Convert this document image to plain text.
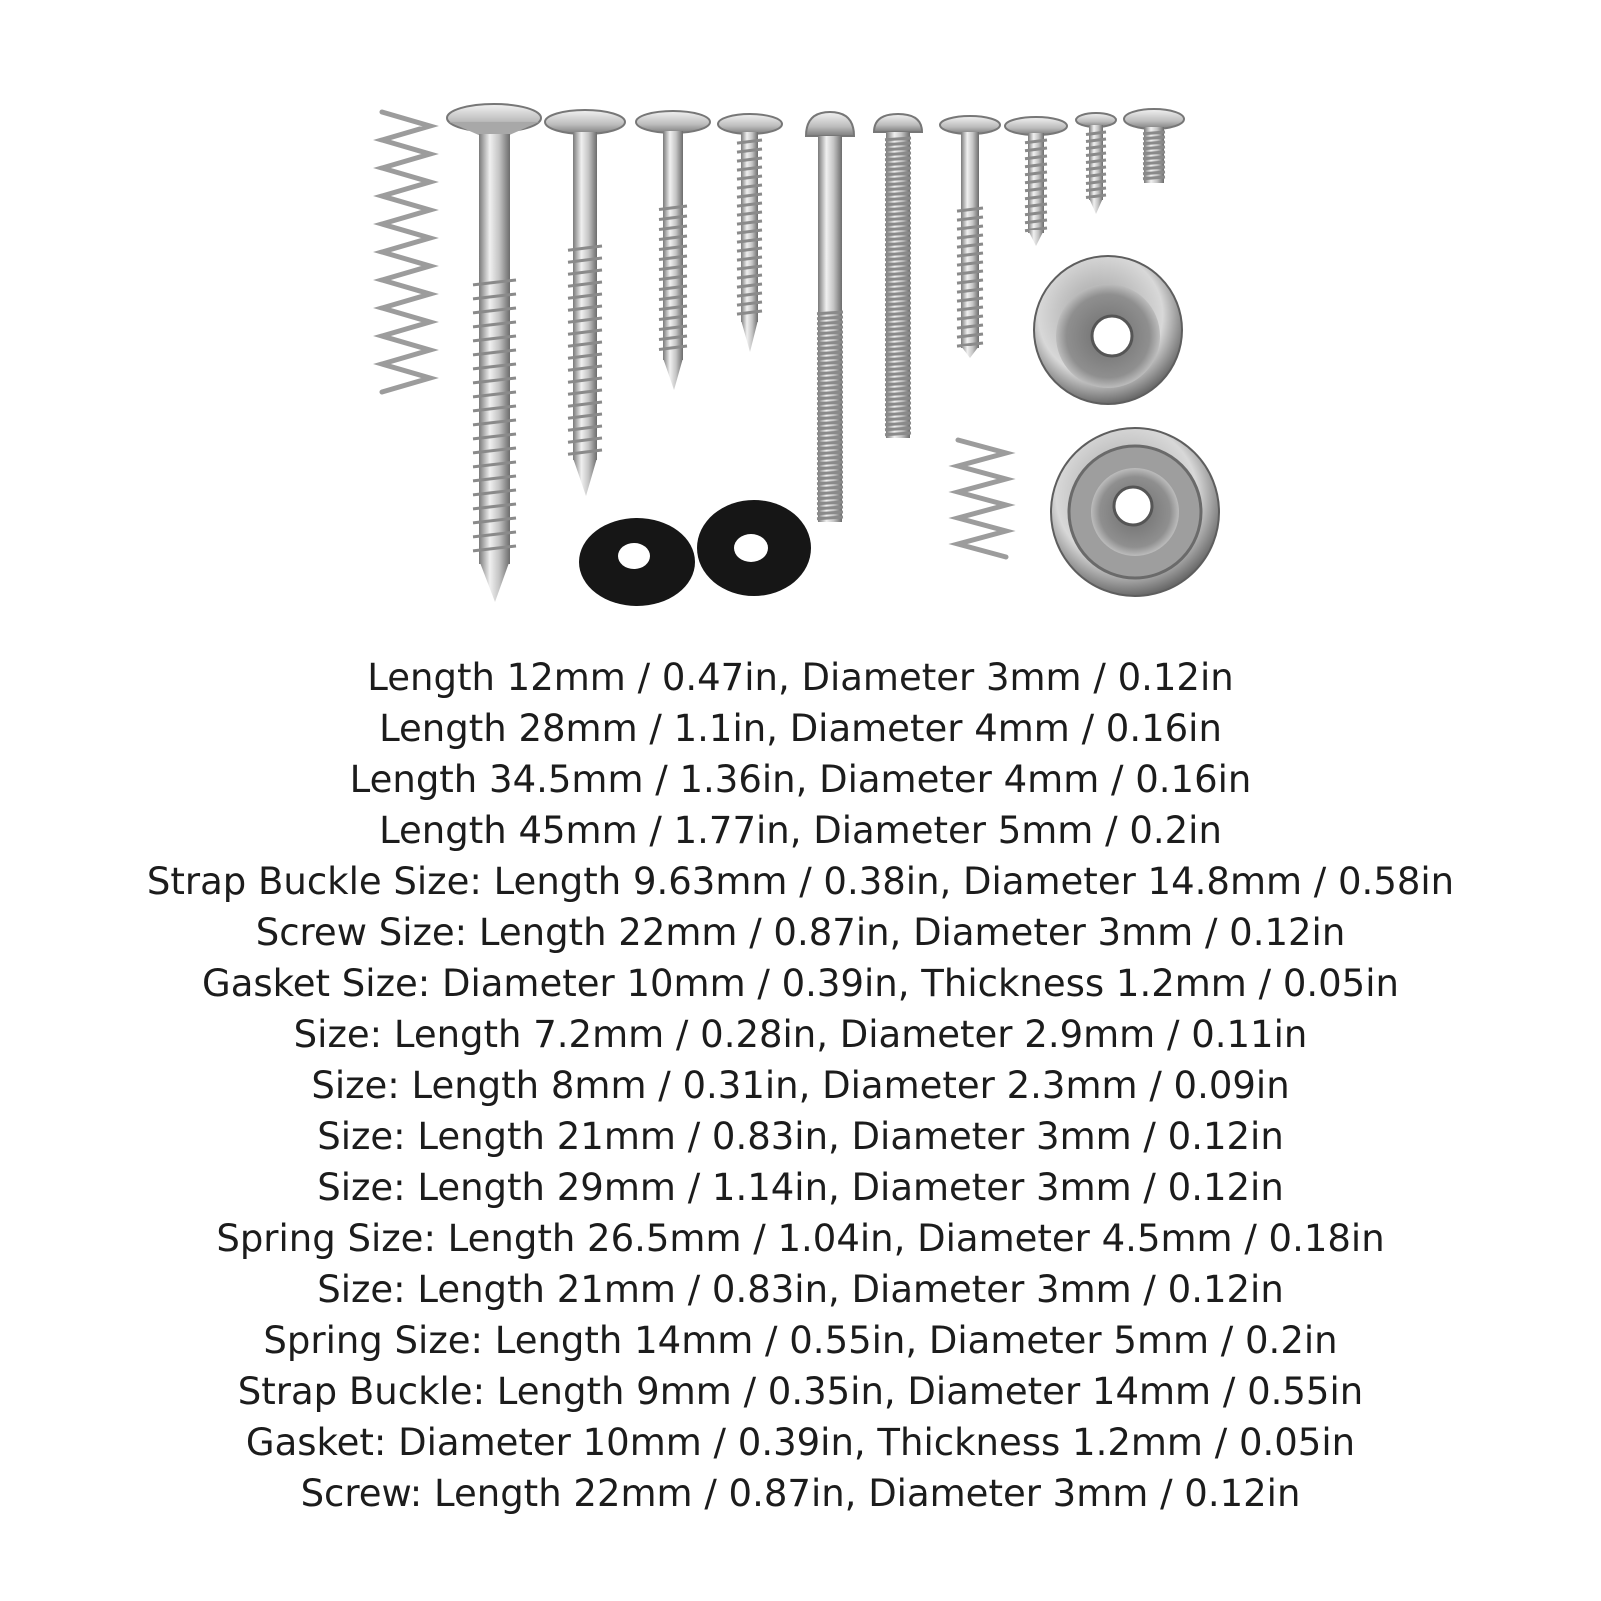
Length 12mm / 0.47in, Diameter 3mm / 0.12in
Length 28mm / 1.1in, Diameter 4mm / 0.16in
Length 34.5mm / 1.36in, Diameter 4mm / 0.16in
Length 45mm / 1.77in, Diameter 5mm / 0.2in
Strap Buckle Size: Length 9.63mm / 0.38in, Diameter 14.8mm / 0.58in
Screw Size: Length 22mm / 0.87in, Diameter 3mm / 0.12in
Gasket Size: Diameter 10mm / 0.39in, Thickness 1.2mm / 0.05in
Size: Length 7.2mm / 0.28in, Diameter 2.9mm / 0.11in
Size: Length 8mm / 0.31in, Diameter 2.3mm / 0.09in
Size: Length 21mm / 0.83in, Diameter 3mm / 0.12in
Size: Length 29mm / 1.14in, Diameter 3mm / 0.12in
Spring Size: Length 26.5mm / 1.04in, Diameter 4.5mm / 0.18in
Size: Length 21mm / 0.83in, Diameter 3mm / 0.12in
Spring Size: Length 14mm / 0.55in, Diameter 5mm / 0.2in
Strap Buckle: Length 9mm / 0.35in, Diameter 14mm / 0.55in
Gasket: Diameter 10mm / 0.39in, Thickness 1.2mm / 0.05in
Screw: Length 22mm / 0.87in, Diameter 3mm / 0.12in
